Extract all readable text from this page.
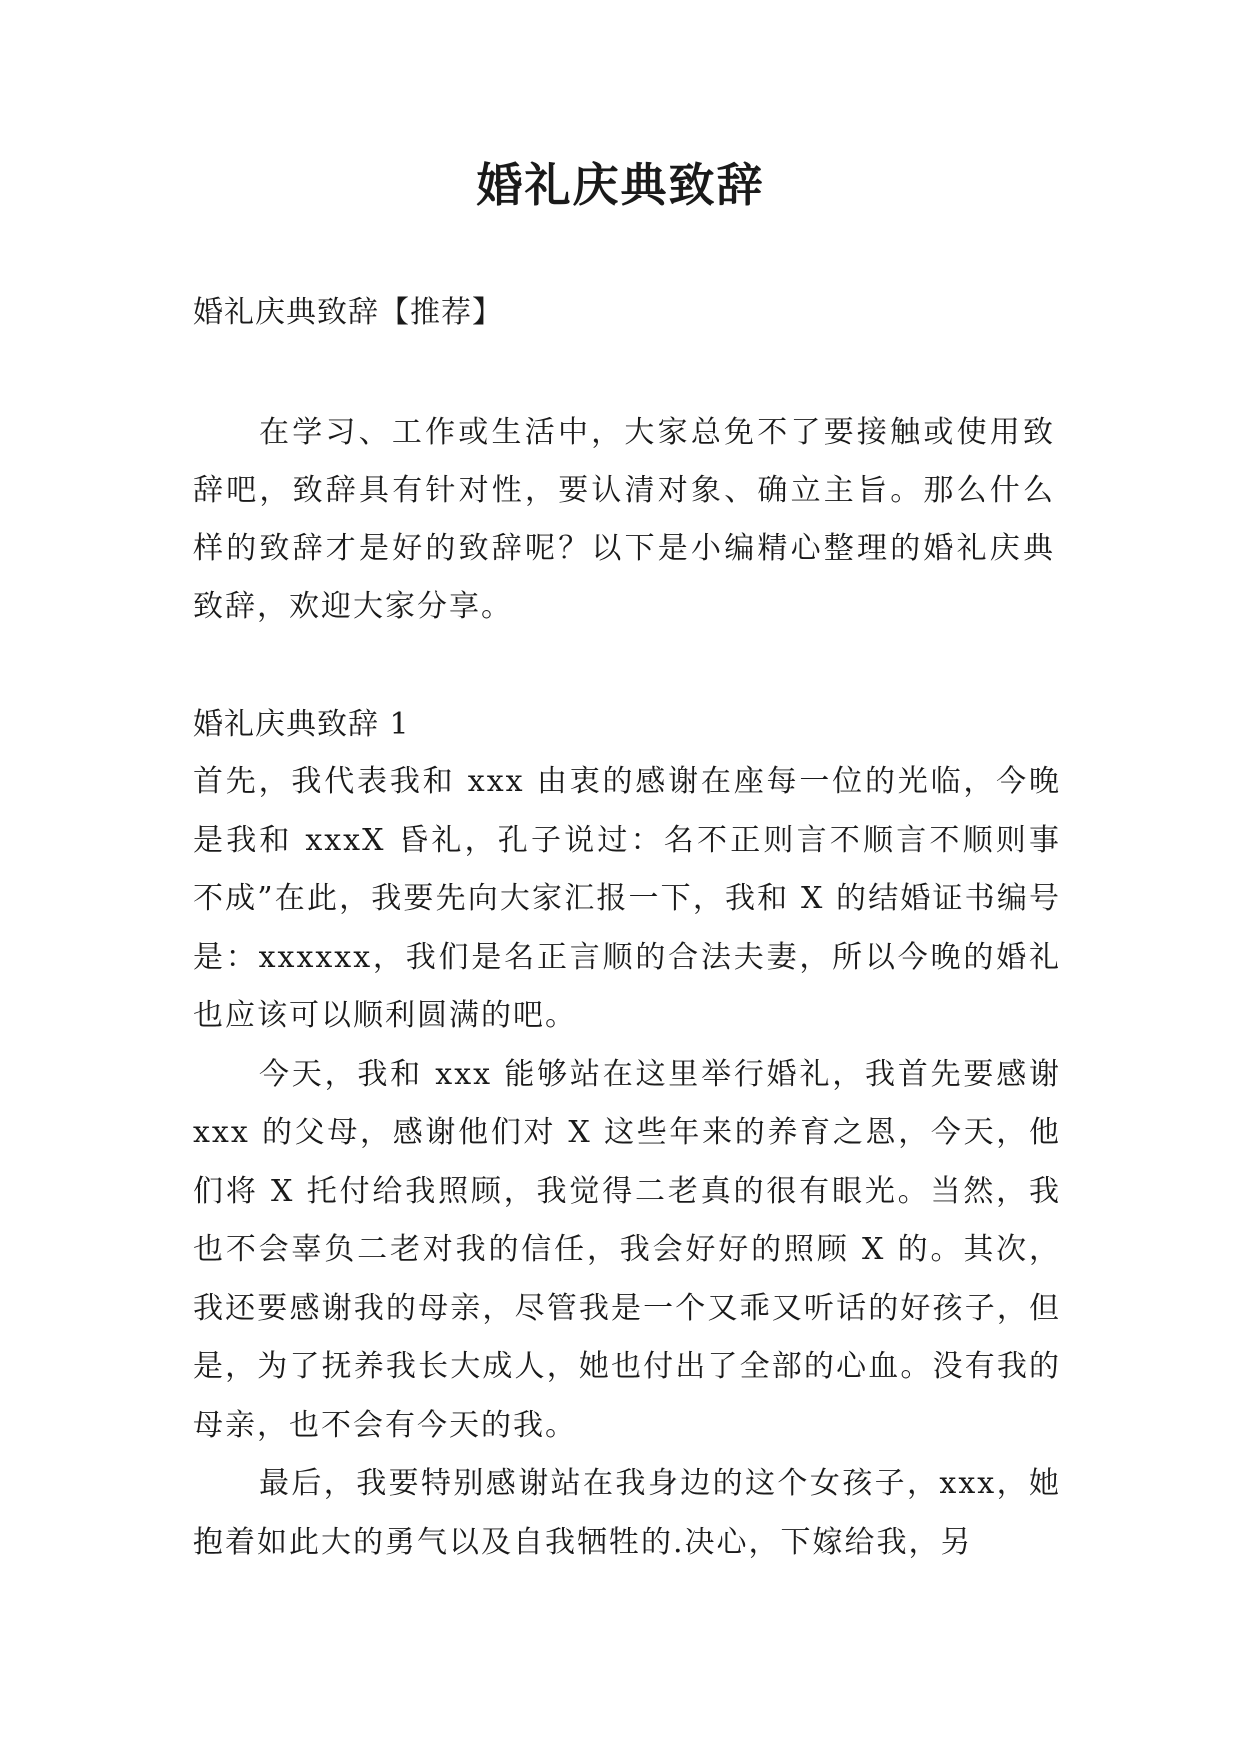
婚礼庆典致辞
婚礼庆典致辞【推荐】
在学习、工作或生活中，大家总免不了要接触或使用致辞吧，致辞具有针对性，要认清对象、确立主旨。那么什么样的致辞才是好的致辞呢？以下是小编精心整理的婚礼庆典致辞，欢迎大家分享。
婚礼庆典致辞 1

首先，我代表我和 xxx 由衷的感谢在座每一位的光临，今晚是我和 xxxX 昏礼，孔子说过：名不正则言不顺言不顺则事不成”在此，我要先向大家汇报一下，我和 X 的结婚证书编号是：xxxxxx，我们是名正言顺的合法夫妻，所以今晚的婚礼也应该可以顺利圆满的吧。

今天，我和 xxx 能够站在这里举行婚礼，我首先要感谢 xxx 的父母，感谢他们对 X 这些年来的养育之恩，今天，他们将 X 托付给我照顾，我觉得二老真的很有眼光。当然，我也不会辜负二老对我的信任，我会好好的照顾 X 的。其次，我还要感谢我的母亲，尽管我是一个又乖又听话的好孩子，但是，为了抚养我长大成人，她也付出了全部的心血。没有我的母亲，也不会有今天的我。

最后，我要特别感谢站在我身边的这个女孩子，xxx，她抱着如此大的勇气以及自我牺牲的.决心，下嫁给我，另
